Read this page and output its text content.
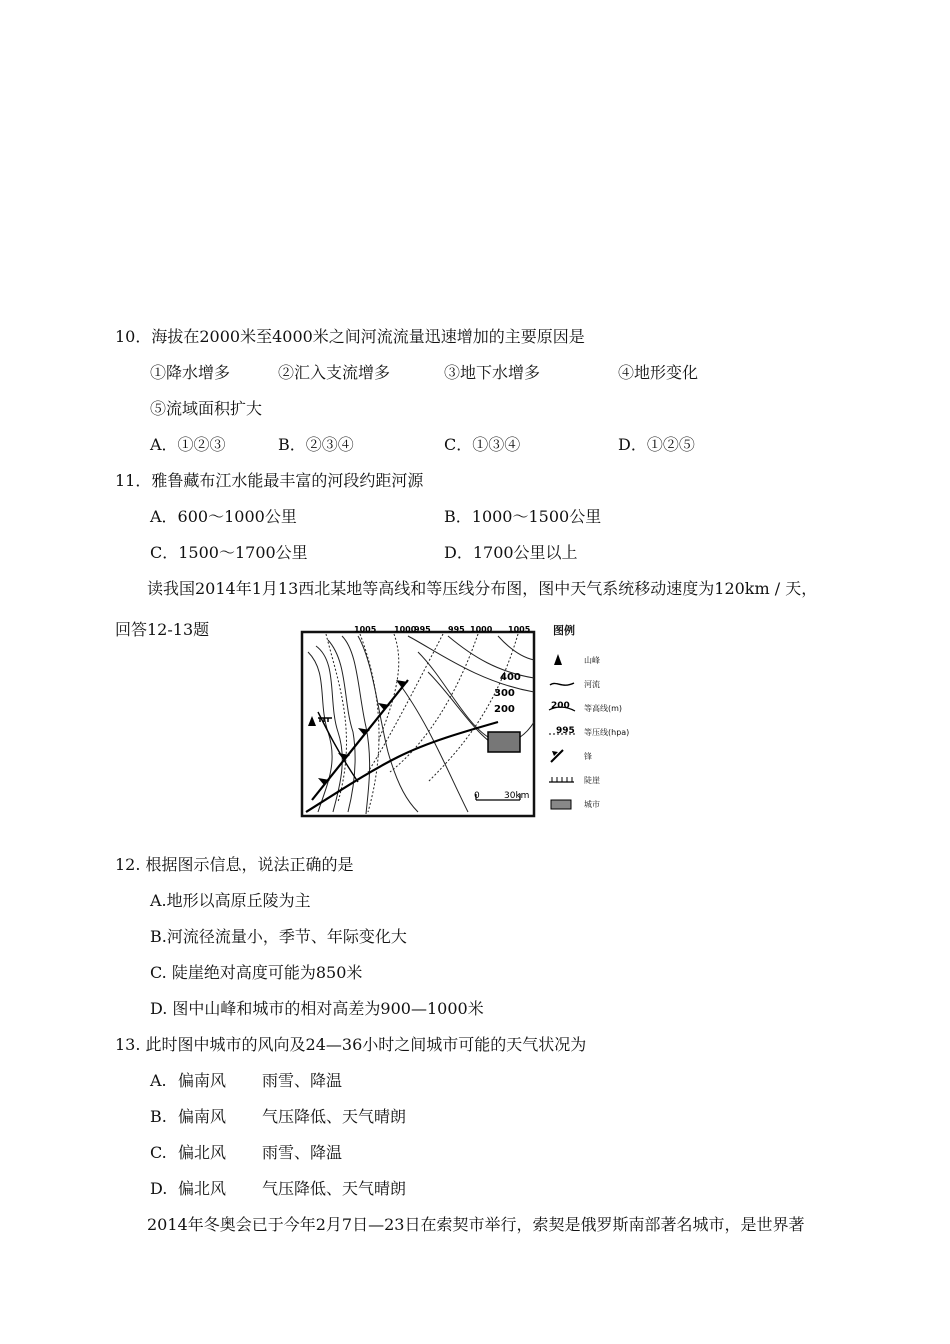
10．海拔在2000米至4000米之间河流流量迅速增加的主要原因是
①降水增多	②汇入支流增多	③地下水增多	④地形变化
⑤流域面积扩大
A．①②③	B．②③④	C．①③④	D．①②⑤
11．雅鲁藏布江水能最丰富的河段约距河源
A．600～1000公里	B．1000～1500公里
C．1500～1700公里	D．1700公里以上
读我国2014年1月13西北某地等高线和等压线分布图，图中天气系统移动速度为120km / 天，
回答12-13题	1005 1000
995 995 1000 1005
400
300
200
0	30km
图例
山峰
河流
200 等高线(m)
995 等压线(hpa)
锋
陡崖
城市
12. 根据图示信息，说法正确的是
A.地形以高原丘陵为主
B.河流径流量小，季节、年际变化大
C. 陡崖绝对高度可能为850米
D. 图中山峰和城市的相对高差为900—1000米
13. 此时图中城市的风向及24—36小时之间城市可能的天气状况为
A. 偏南风 雨雪、降温
B. 偏南风 气压降低、天气晴朗
C. 偏北风 雨雪、降温
D. 偏北风 气压降低、天气晴朗
2014年冬奥会已于今年2月7日—23日在索契市举行，索契是俄罗斯南部著名城市，是世界著
